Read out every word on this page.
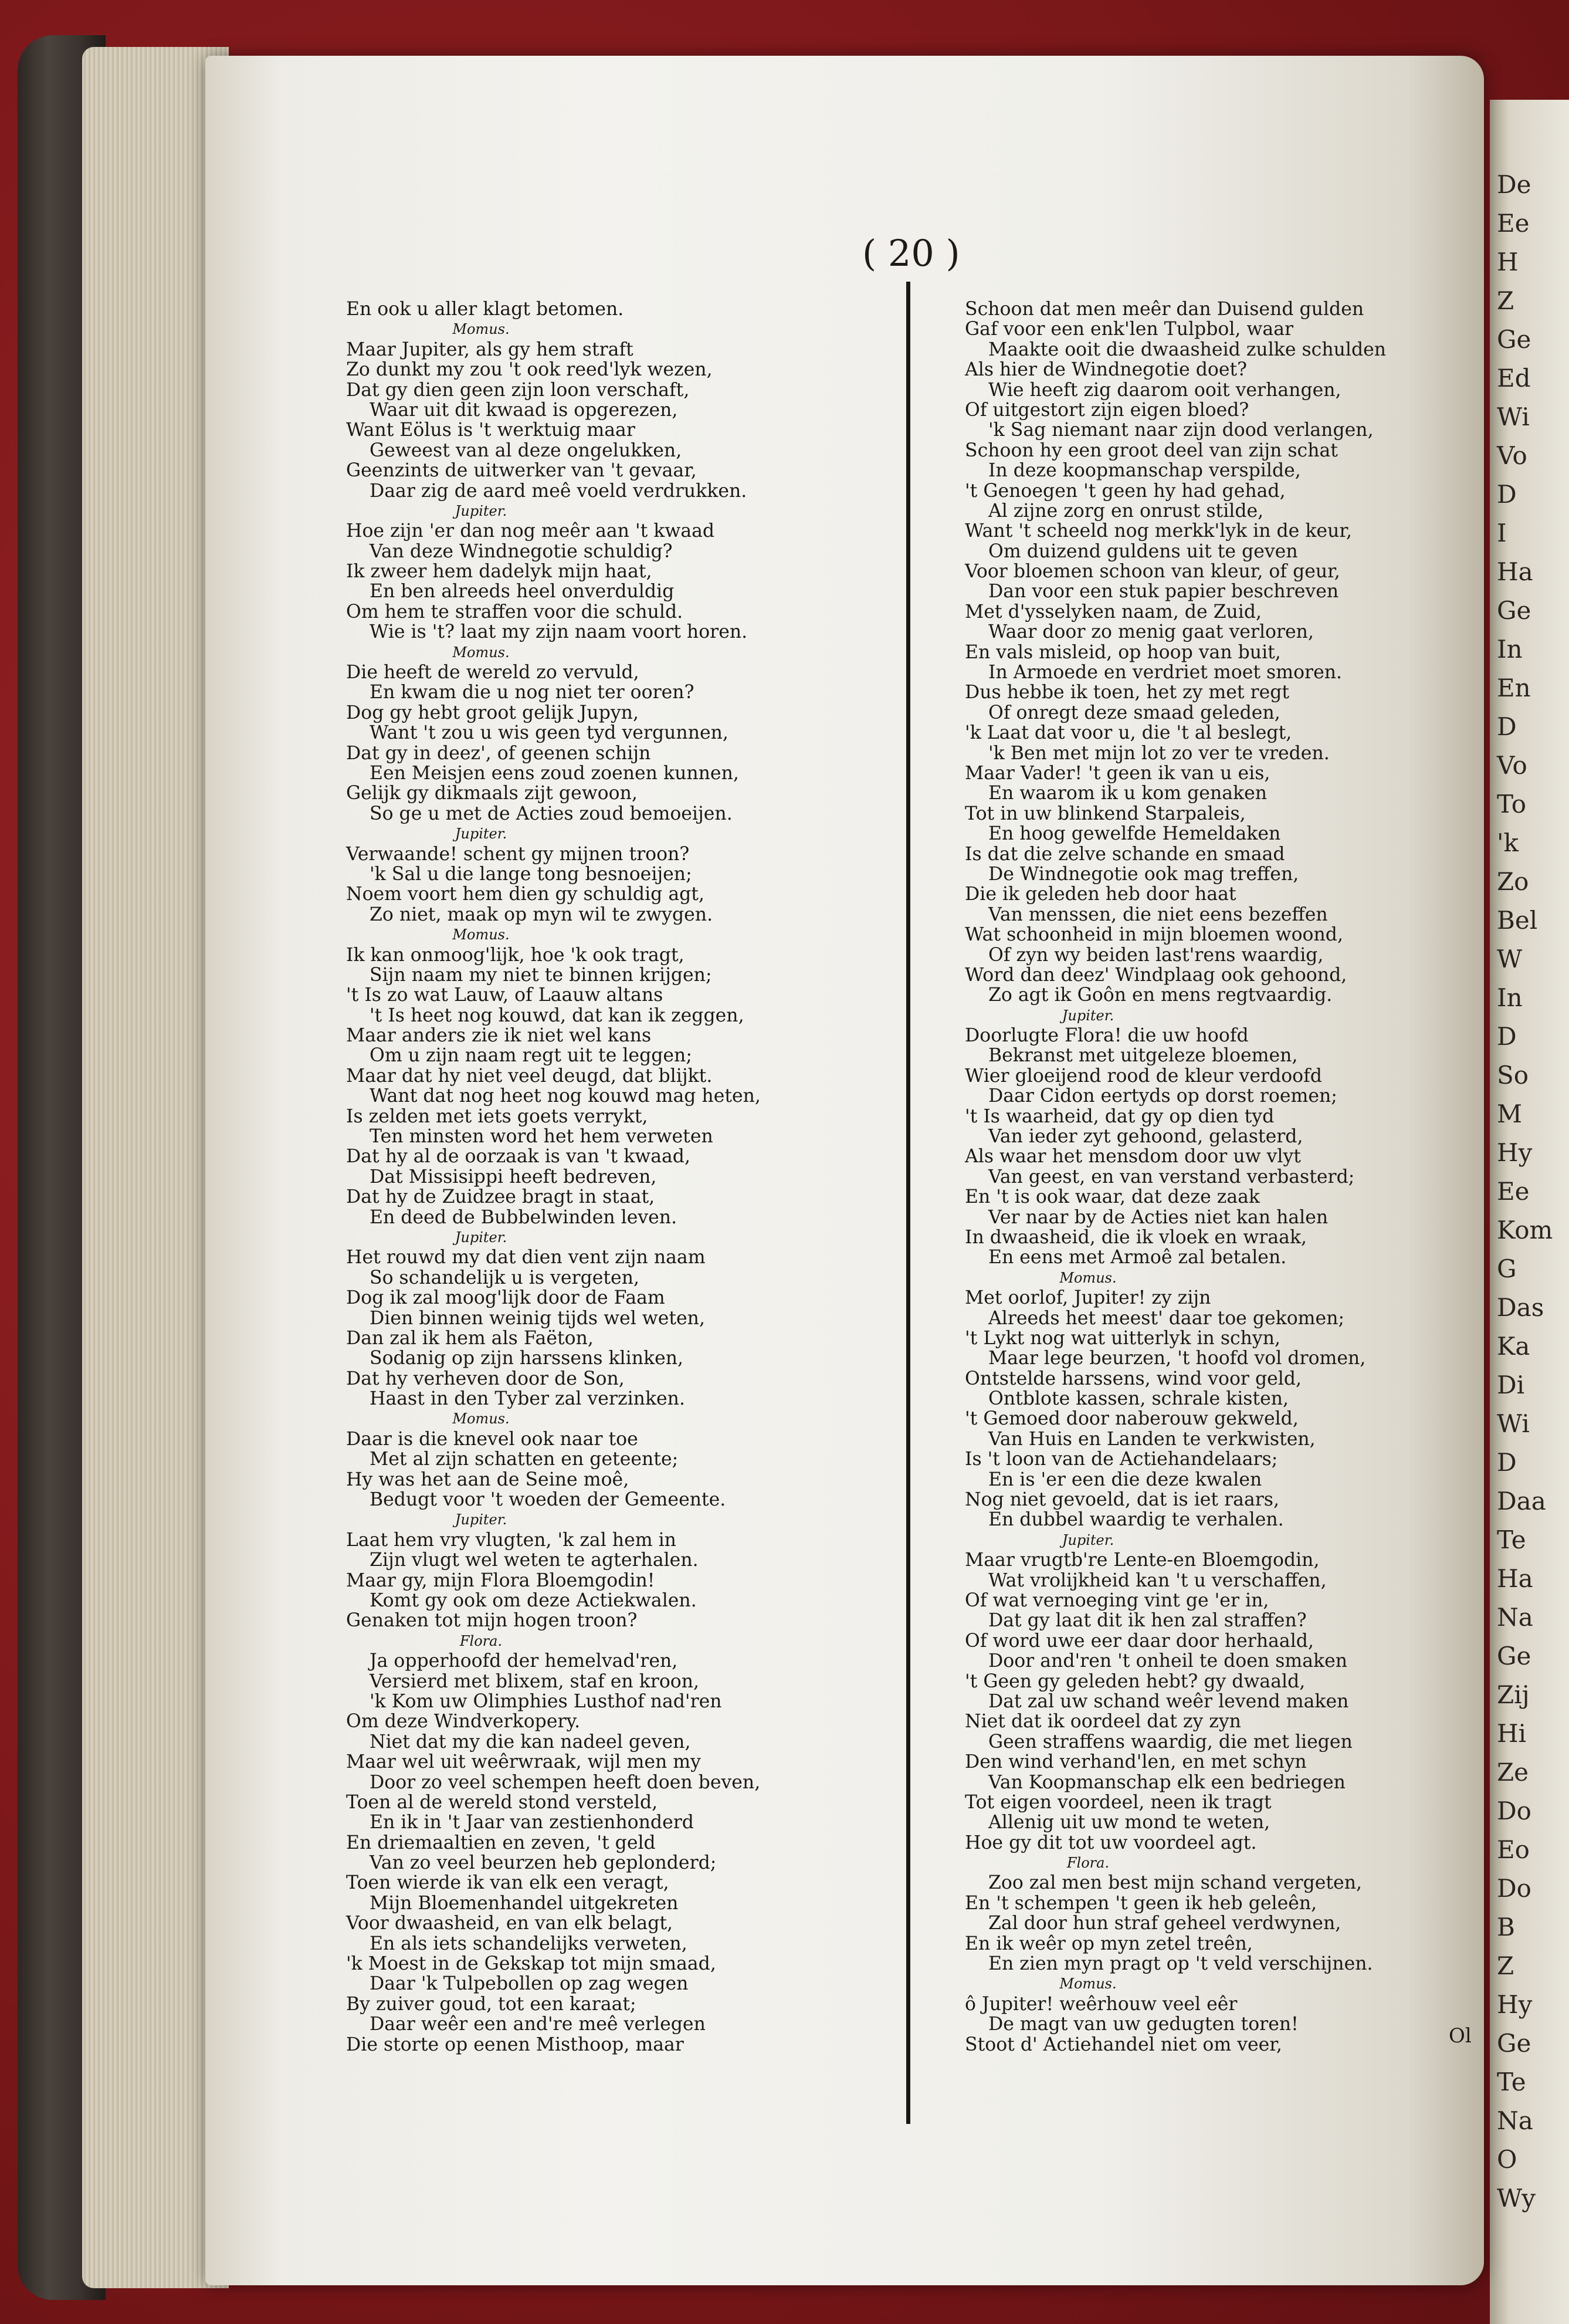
De
Ee
H
Z
Ge
Ed
Wi
Vo
D
I
Ha
Ge
In
En
D
Vo
To
'k
Zo
Bel
W
In
D
So
M
Hy
Ee
Kom
G
Das
Ka
Di
Wi
D
Daa
Te
Ha
Na
Ge
Zij
Hi
Ze
Do
Eo
Do
B
Z
Hy
Ge
Te
Na
O
Wy
( 20 )
En ook u aller klagt betomen.
Momus.
Maar Jupiter, als gy hem straft
Zo dunkt my zou 't ook reed'lyk wezen,
Dat gy dien geen zijn loon verschaft,
Waar uit dit kwaad is opgerezen,
Want Eölus is 't werktuig maar
Geweest van al deze ongelukken,
Geenzints de uitwerker van 't gevaar,
Daar zig de aard meê voeld verdrukken.
Jupiter.
Hoe zijn 'er dan nog meêr aan 't kwaad
Van deze Windnegotie schuldig?
Ik zweer hem dadelyk mijn haat,
En ben alreeds heel onverduldig
Om hem te straffen voor die schuld.
Wie is 't? laat my zijn naam voort horen.
Momus.
Die heeft de wereld zo vervuld,
En kwam die u nog niet ter ooren?
Dog gy hebt groot gelijk Jupyn,
Want 't zou u wis geen tyd vergunnen,
Dat gy in deez', of geenen schijn
Een Meisjen eens zoud zoenen kunnen,
Gelijk gy dikmaals zijt gewoon,
So ge u met de Acties zoud bemoeijen.
Jupiter.
Verwaande! schent gy mijnen troon?
'k Sal u die lange tong besnoeijen;
Noem voort hem dien gy schuldig agt,
Zo niet, maak op myn wil te zwygen.
Momus.
Ik kan onmoog'lijk, hoe 'k ook tragt,
Sijn naam my niet te binnen krijgen;
't Is zo wat Lauw, of Laauw altans
't Is heet nog kouwd, dat kan ik zeggen,
Maar anders zie ik niet wel kans
Om u zijn naam regt uit te leggen;
Maar dat hy niet veel deugd, dat blijkt.
Want dat nog heet nog kouwd mag heten,
Is zelden met iets goets verrykt,
Ten minsten word het hem verweten
Dat hy al de oorzaak is van 't kwaad,
Dat Missisippi heeft bedreven,
Dat hy de Zuidzee bragt in staat,
En deed de Bubbelwinden leven.
Jupiter.
Het rouwd my dat dien vent zijn naam
So schandelijk u is vergeten,
Dog ik zal moog'lijk door de Faam
Dien binnen weinig tijds wel weten,
Dan zal ik hem als Faëton,
Sodanig op zijn harssens klinken,
Dat hy verheven door de Son,
Haast in den Tyber zal verzinken.
Momus.
Daar is die knevel ook naar toe
Met al zijn schatten en geteente;
Hy was het aan de Seine moê,
Bedugt voor 't woeden der Gemeente.
Jupiter.
Laat hem vry vlugten, 'k zal hem in
Zijn vlugt wel weten te agterhalen.
Maar gy, mijn Flora Bloemgodin!
Komt gy ook om deze Actiekwalen.
Genaken tot mijn hogen troon?
Flora.
Ja opperhoofd der hemelvad'ren,
Versierd met blixem, staf en kroon,
'k Kom uw Olimphies Lusthof nad'ren
Om deze Windverkopery.
Niet dat my die kan nadeel geven,
Maar wel uit weêrwraak, wijl men my
Door zo veel schempen heeft doen beven,
Toen al de wereld stond versteld,
En ik in 't Jaar van zestienhonderd
En driemaaltien en zeven, 't geld
Van zo veel beurzen heb geplonderd;
Toen wierde ik van elk een veragt,
Mijn Bloemenhandel uitgekreten
Voor dwaasheid, en van elk belagt,
En als iets schandelijks verweten,
'k Moest in de Gekskap tot mijn smaad,
Daar 'k Tulpebollen op zag wegen
By zuiver goud, tot een karaat;
Daar weêr een and're meê verlegen
Die storte op eenen Misthoop, maar
Schoon dat men meêr dan Duisend gulden
Gaf voor een enk'len Tulpbol, waar
Maakte ooit die dwaasheid zulke schulden
Als hier de Windnegotie doet?
Wie heeft zig daarom ooit verhangen,
Of uitgestort zijn eigen bloed?
'k Sag niemant naar zijn dood verlangen,
Schoon hy een groot deel van zijn schat
In deze koopmanschap verspilde,
't Genoegen 't geen hy had gehad,
Al zijne zorg en onrust stilde,
Want 't scheeld nog merkk'lyk in de keur,
Om duizend guldens uit te geven
Voor bloemen schoon van kleur, of geur,
Dan voor een stuk papier beschreven
Met d'ysselyken naam, de Zuid,
Waar door zo menig gaat verloren,
En vals misleid, op hoop van buit,
In Armoede en verdriet moet smoren.
Dus hebbe ik toen, het zy met regt
Of onregt deze smaad geleden,
'k Laat dat voor u, die 't al beslegt,
'k Ben met mijn lot zo ver te vreden.
Maar Vader! 't geen ik van u eis,
En waarom ik u kom genaken
Tot in uw blinkend Starpaleis,
En hoog gewelfde Hemeldaken
Is dat die zelve schande en smaad
De Windnegotie ook mag treffen,
Die ik geleden heb door haat
Van menssen, die niet eens bezeffen
Wat schoonheid in mijn bloemen woond,
Of zyn wy beiden last'rens waardig,
Word dan deez' Windplaag ook gehoond,
Zo agt ik Goôn en mens regtvaardig.
Jupiter.
Doorlugte Flora! die uw hoofd
Bekranst met uitgeleze bloemen,
Wier gloeijend rood de kleur verdoofd
Daar Cidon eertyds op dorst roemen;
't Is waarheid, dat gy op dien tyd
Van ieder zyt gehoond, gelasterd,
Als waar het mensdom door uw vlyt
Van geest, en van verstand verbasterd;
En 't is ook waar, dat deze zaak
Ver naar by de Acties niet kan halen
In dwaasheid, die ik vloek en wraak,
En eens met Armoê zal betalen.
Momus.
Met oorlof, Jupiter! zy zijn
Alreeds het meest' daar toe gekomen;
't Lykt nog wat uitterlyk in schyn,
Maar lege beurzen, 't hoofd vol dromen,
Ontstelde harssens, wind voor geld,
Ontblote kassen, schrale kisten,
't Gemoed door naberouw gekweld,
Van Huis en Landen te verkwisten,
Is 't loon van de Actiehandelaars;
En is 'er een die deze kwalen
Nog niet gevoeld, dat is iet raars,
En dubbel waardig te verhalen.
Jupiter.
Maar vrugtb're Lente-en Bloemgodin,
Wat vrolijkheid kan 't u verschaffen,
Of wat vernoeging vint ge 'er in,
Dat gy laat dit ik hen zal straffen?
Of word uwe eer daar door herhaald,
Door and'ren 't onheil te doen smaken
't Geen gy geleden hebt? gy dwaald,
Dat zal uw schand weêr levend maken
Niet dat ik oordeel dat zy zyn
Geen straffens waardig, die met liegen
Den wind verhand'len, en met schyn
Van Koopmanschap elk een bedriegen
Tot eigen voordeel, neen ik tragt
Allenig uit uw mond te weten,
Hoe gy dit tot uw voordeel agt.
Flora.
Zoo zal men best mijn schand vergeten,
En 't schempen 't geen ik heb geleên,
Zal door hun straf geheel verdwynen,
En ik weêr op myn zetel treên,
En zien myn pragt op 't veld verschijnen.
Momus.
ô Jupiter! weêrhouw veel eêr
De magt van uw gedugten toren!
Stoot d' Actiehandel niet om veer,	Ol
